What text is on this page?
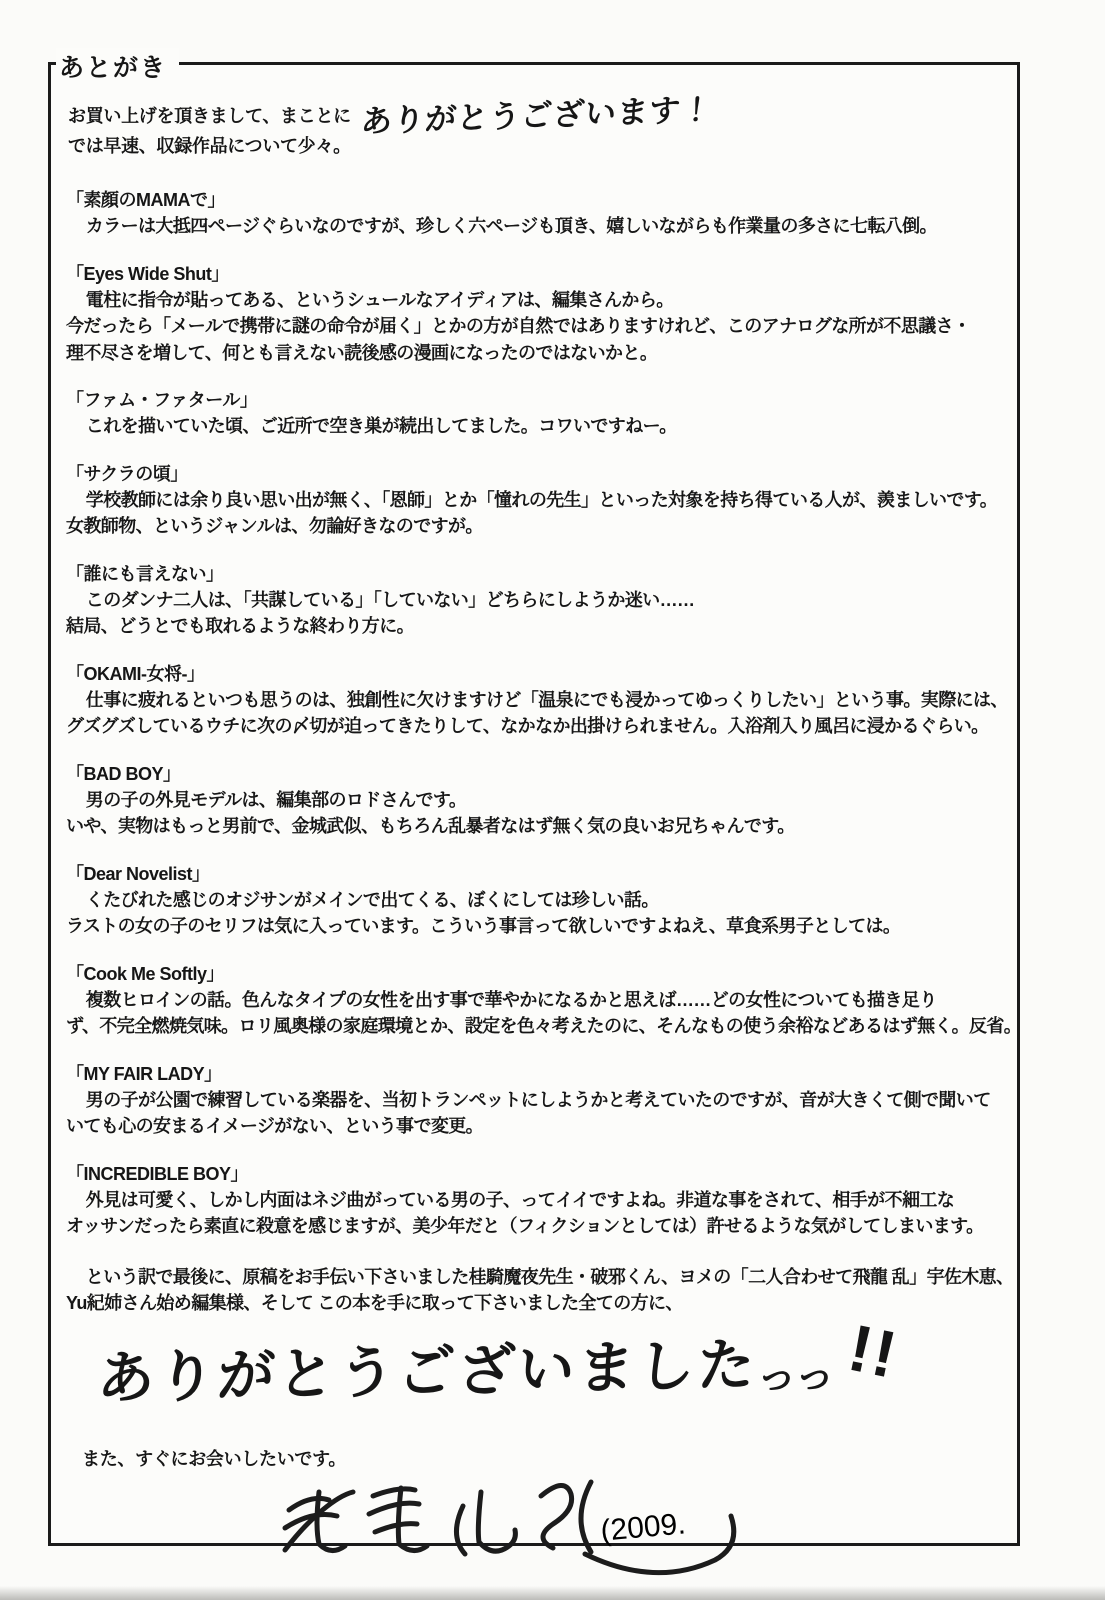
あとがき
お買い上げを頂きまして、まことに ありがとうございます！
では早速、収録作品について少々。
「素顔のMAMAで」
カラーは大抵四ページぐらいなのですが、珍しく六ページも頂き、嬉しいながらも作業量の多さに七転八倒。
「Eyes Wide Shut」
電柱に指令が貼ってある、というシュールなアイディアは、編集さんから。
今だったら「メールで携帯に謎の命令が届く」とかの方が自然ではありますけれど、このアナログな所が不思議さ・
理不尽さを増して、何とも言えない読後感の漫画になったのではないかと。
「ファム・ファタール」
これを描いていた頃、ご近所で空き巣が続出してました。コワいですねー。
「サクラの頃」
学校教師には余り良い思い出が無く、「恩師」とか「憧れの先生」といった対象を持ち得ている人が、羨ましいです。
女教師物、というジャンルは、勿論好きなのですが。
「誰にも言えない」
このダンナ二人は、「共謀している」「していない」どちらにしようか迷い……
結局、どうとでも取れるような終わり方に。
「OKAMI-女将-」
仕事に疲れるといつも思うのは、独創性に欠けますけど「温泉にでも浸かってゆっくりしたい」という事。実際には、
グズグズしているウチに次の〆切が迫ってきたりして、なかなか出掛けられません。入浴剤入り風呂に浸かるぐらい。
「BAD BOY」
男の子の外見モデルは、編集部のロドさんです。
いや、実物はもっと男前で、金城武似、もちろん乱暴者なはず無く気の良いお兄ちゃんです。
「Dear Novelist」
くたびれた感じのオジサンがメインで出てくる、ぼくにしては珍しい話。
ラストの女の子のセリフは気に入っています。こういう事言って欲しいですよねえ、草食系男子としては。
「Cook Me Softly」
複数ヒロインの話。色んなタイプの女性を出す事で華やかになるかと思えば……どの女性についても描き足り
ず、不完全燃焼気味。ロリ風奥様の家庭環境とか、設定を色々考えたのに、そんなもの使う余裕などあるはず無く。反省。
「MY FAIR LADY」
男の子が公園で練習している楽器を、当初トランペットにしようかと考えていたのですが、音が大きくて側で聞いて
いても心の安まるイメージがない、という事で変更。
「INCREDIBLE BOY」
外見は可愛く、しかし内面はネジ曲がっている男の子、ってイイですよね。非道な事をされて、相手が不細工な
オッサンだったら素直に殺意を感じますが、美少年だと（フィクションとしては）許せるような気がしてしまいます。
という訳で最後に、原稿をお手伝い下さいました桂騎魔夜先生・破邪くん、ヨメの「二人合わせて飛龍 乱」宇佐木恵、
Yu紀姉さん始め編集様、そして この本を手に取って下さいました全ての方に、
ありがとうございましたっっ !!
また、すぐにお会いしたいです。
(2009.
